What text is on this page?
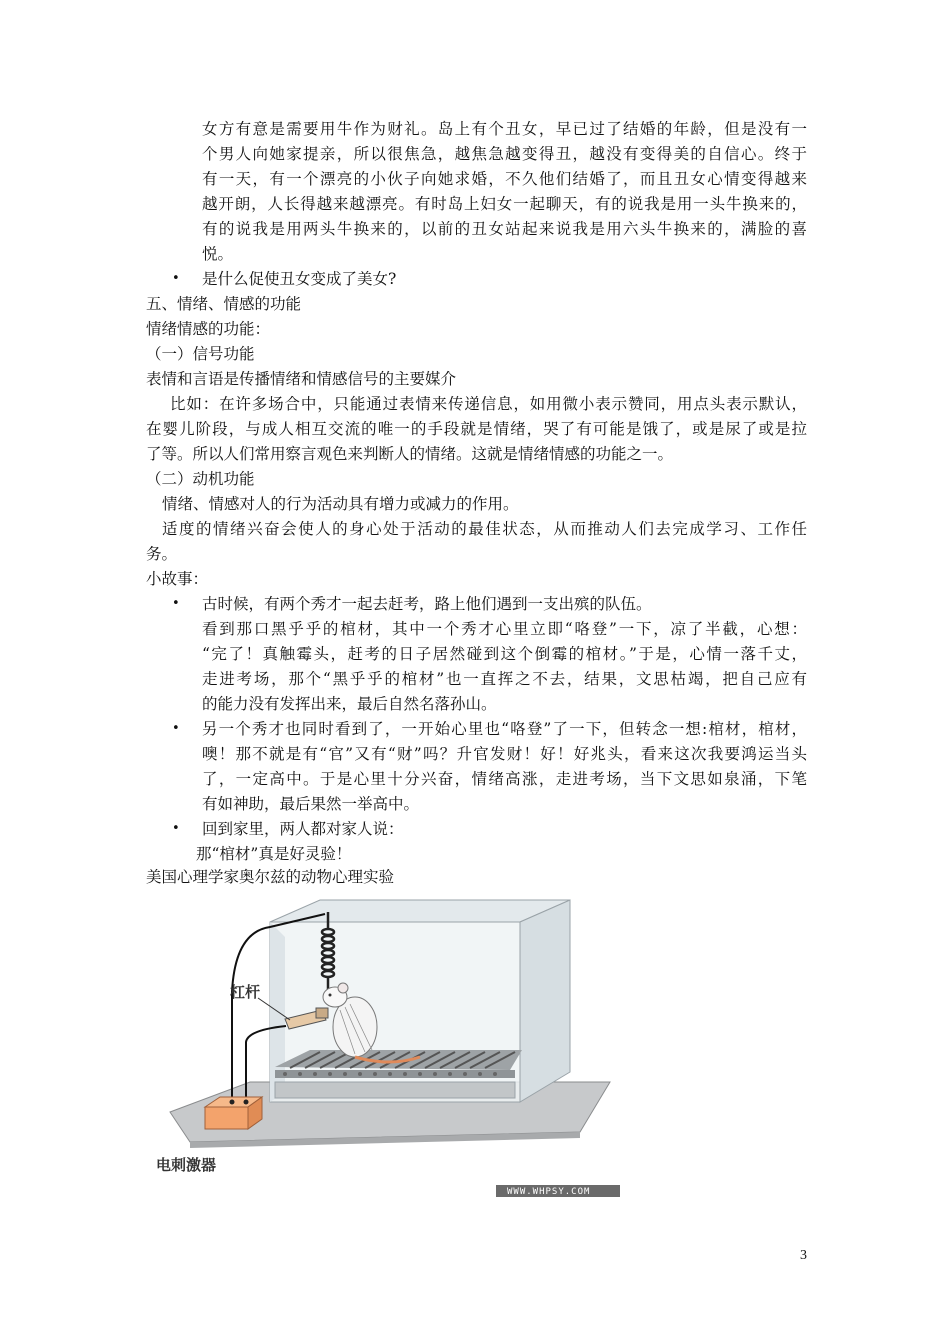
女方有意是需要用牛作为财礼。岛上有个丑女，早已过了结婚的年龄，但是没有一
个男人向她家提亲，所以很焦急，越焦急越变得丑，越没有变得美的自信心。终于
有一天，有一个漂亮的小伙子向她求婚，不久他们结婚了，而且丑女心情变得越来
越开朗，人长得越来越漂亮。有时岛上妇女一起聊天，有的说我是用一头牛换来的，
有的说我是用两头牛换来的，以前的丑女站起来说我是用六头牛换来的，满脸的喜
悦。
• 是什么促使丑女变成了美女?
五、情绪、情感的功能
情绪情感的功能：
（一）信号功能
表情和言语是传播情绪和情感信号的主要媒介
比如：在许多场合中，只能通过表情来传递信息，如用微小表示赞同，用点头表示默认，
在婴儿阶段，与成人相互交流的唯一的手段就是情绪，哭了有可能是饿了，或是尿了或是拉
了等。所以人们常用察言观色来判断人的情绪。这就是情绪情感的功能之一。
（二）动机功能
情绪、情感对人的行为活动具有增力或减力的作用。
适度的情绪兴奋会使人的身心处于活动的最佳状态，从而推动人们去完成学习、工作任
务。
小故事：
• 古时候，有两个秀才一起去赶考，路上他们遇到一支出殡的队伍。
看到那口黑乎乎的棺材，其中一个秀才心里立即“咯登”一下，凉了半截，心想：
“完了！真触霉头，赶考的日子居然碰到这个倒霉的棺材。”于是，心情一落千丈，
走进考场，那个“黑乎乎的棺材”也一直挥之不去，结果，文思枯竭，把自己应有
的能力没有发挥出来，最后自然名落孙山。
• 另一个秀才也同时看到了，一开始心里也“咯登”了一下，但转念一想:棺材，棺材，
噢！那不就是有“官”又有“财”吗？升官发财！好！好兆头，看来这次我要鸿运当头
了，一定高中。于是心里十分兴奋，情绪高涨，走进考场，当下文思如泉涌，下笔
有如神助，最后果然一举高中。
• 回到家里，两人都对家人说：
那“棺材”真是好灵验！
美国心理学家奥尔兹的动物心理实验
杠杆
电刺激器
WWW.WHPSY.COM
3
